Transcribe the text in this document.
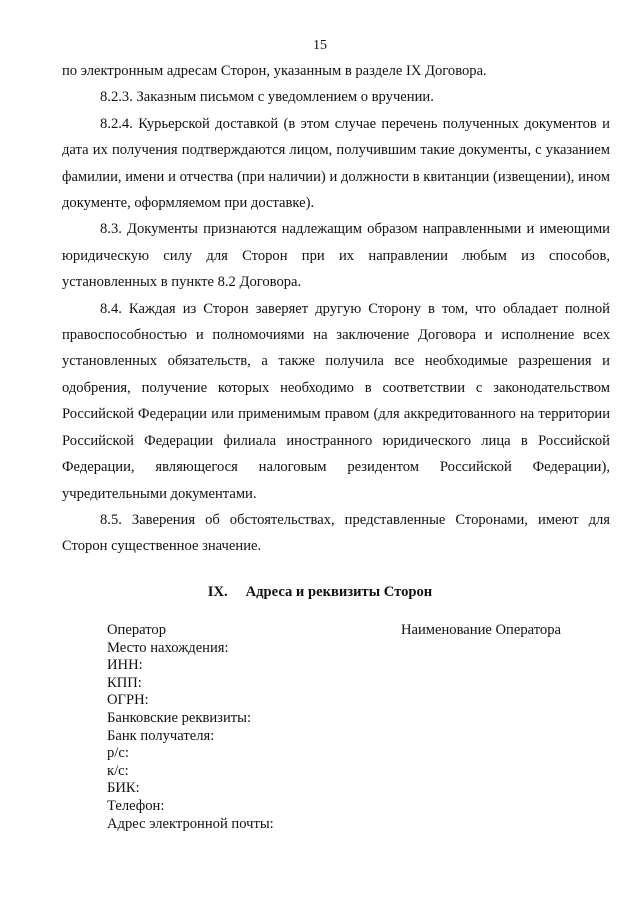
15

по электронным адресам Сторон, указанным в разделе IX Договора.

8.2.3. Заказным письмом с уведомлением о вручении.

8.2.4. Курьерской доставкой (в этом случае перечень полученных документов и дата их получения подтверждаются лицом, получившим такие документы, с указанием фамилии, имени и отчества (при наличии) и должности в квитанции (извещении), ином документе, оформляемом при доставке).

8.3. Документы признаются надлежащим образом направленными и имеющими юридическую силу для Сторон при их направлении любым из способов, установленных в пункте 8.2 Договора.

8.4. Каждая из Сторон заверяет другую Сторону в том, что обладает полной правоспособностью и полномочиями на заключение Договора и исполнение всех установленных обязательств, а также получила все необходимые разрешения и одобрения, получение которых необходимо в соответствии с законодательством Российской Федерации или применимым правом (для аккредитованного на территории Российской Федерации филиала иностранного юридического лица в Российской Федерации, являющегося налоговым резидентом Российской Федерации), учредительными документами.

8.5. Заверения об обстоятельствах, представленные Сторонами, имеют для Сторон существенное значение.

IX. Адреса и реквизиты Сторон
Оператор	Наименование Оператора
Место нахождения:
ИНН:
КПП:
ОГРН:
Банковские реквизиты:
Банк получателя:
р/с:
к/с:
БИК:
Телефон:
Адрес электронной почты:
